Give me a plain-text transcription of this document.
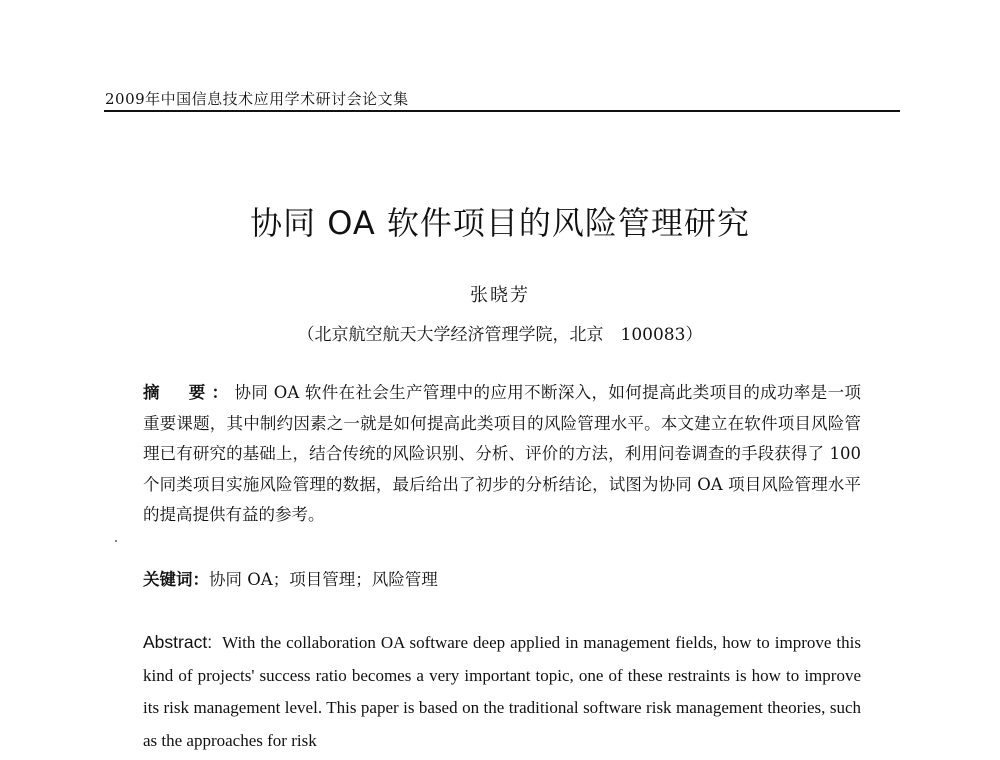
2009年中国信息技术应用学术研讨会论文集
协同 OA 软件项目的风险管理研究
张晓芳
（北京航空航天大学经济管理学院，北京　100083）
摘　要：协同 OA 软件在社会生产管理中的应用不断深入，如何提高此类项目的成功率是一项重要课题，其中制约因素之一就是如何提高此类项目的风险管理水平。本文建立在软件项目风险管理已有研究的基础上，结合传统的风险识别、分析、评价的方法，利用问卷调查的手段获得了 100 个同类项目实施风险管理的数据，最后给出了初步的分析结论，试图为协同 OA 项目风险管理水平的提高提供有益的参考。
关键词：协同 OA；项目管理；风险管理
Abstract: With the collaboration OA software deep applied in management fields, how to improve this kind of projects' success ratio becomes a very important topic, one of these restraints is how to improve its risk management level. This paper is based on the traditional software risk management theories, such as the approaches for risk
